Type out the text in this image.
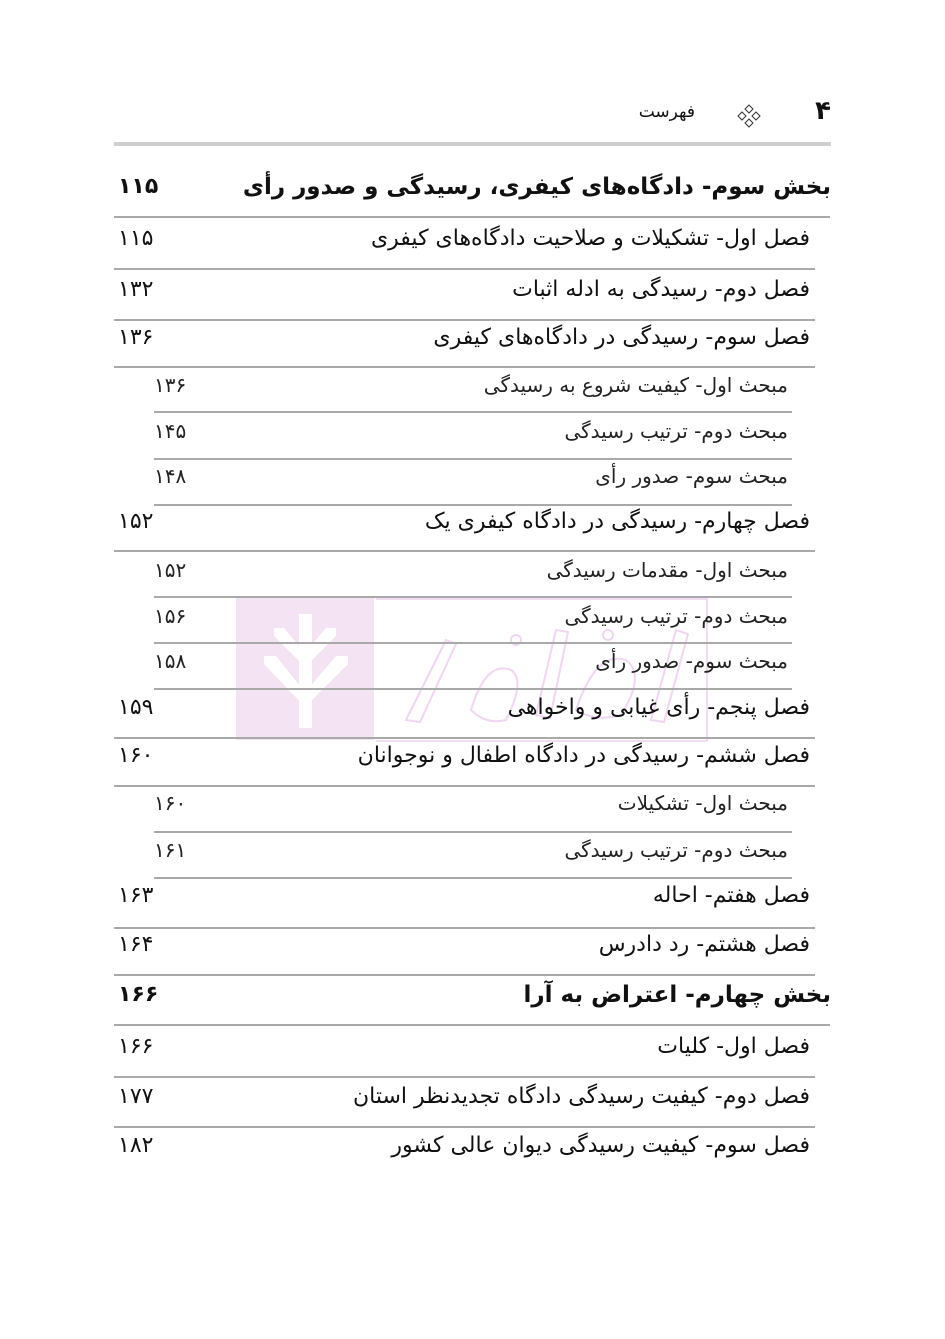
۴
فهرست
بخش سوم- دادگاه‌های کیفری، رسیدگی و صدور رأی
۱۱۵
فصل اول- تشکیلات و صلاحیت دادگاه‌های کیفری
۱۱۵
فصل دوم- رسیدگی به ادله اثبات
۱۳۲
فصل سوم- رسیدگی در دادگاه‌های کیفری
۱۳۶
مبحث اول- کیفیت شروع به رسیدگی
۱۳۶
مبحث دوم- ترتیب رسیدگی
۱۴۵
مبحث سوم- صدور رأی
۱۴۸
فصل چهارم- رسیدگی در دادگاه کیفری یک
۱۵۲
مبحث اول- مقدمات رسیدگی
۱۵۲
مبحث دوم- ترتیب رسیدگی
۱۵۶
مبحث سوم- صدور رأی
۱۵۸
فصل پنجم- رأی غیابی و واخواهی
۱۵۹
فصل ششم- رسیدگی در دادگاه اطفال و نوجوانان
۱۶۰
مبحث اول- تشکیلات
۱۶۰
مبحث دوم- ترتیب رسیدگی
۱۶۱
فصل هفتم- احاله
۱۶۳
فصل هشتم- رد دادرس
۱۶۴
بخش چهارم- اعتراض به آرا
۱۶۶
فصل اول- کلیات
۱۶۶
فصل دوم- کیفیت رسیدگی دادگاه تجدیدنظر استان
۱۷۷
فصل سوم- کیفیت رسیدگی دیوان عالی کشور
۱۸۲
